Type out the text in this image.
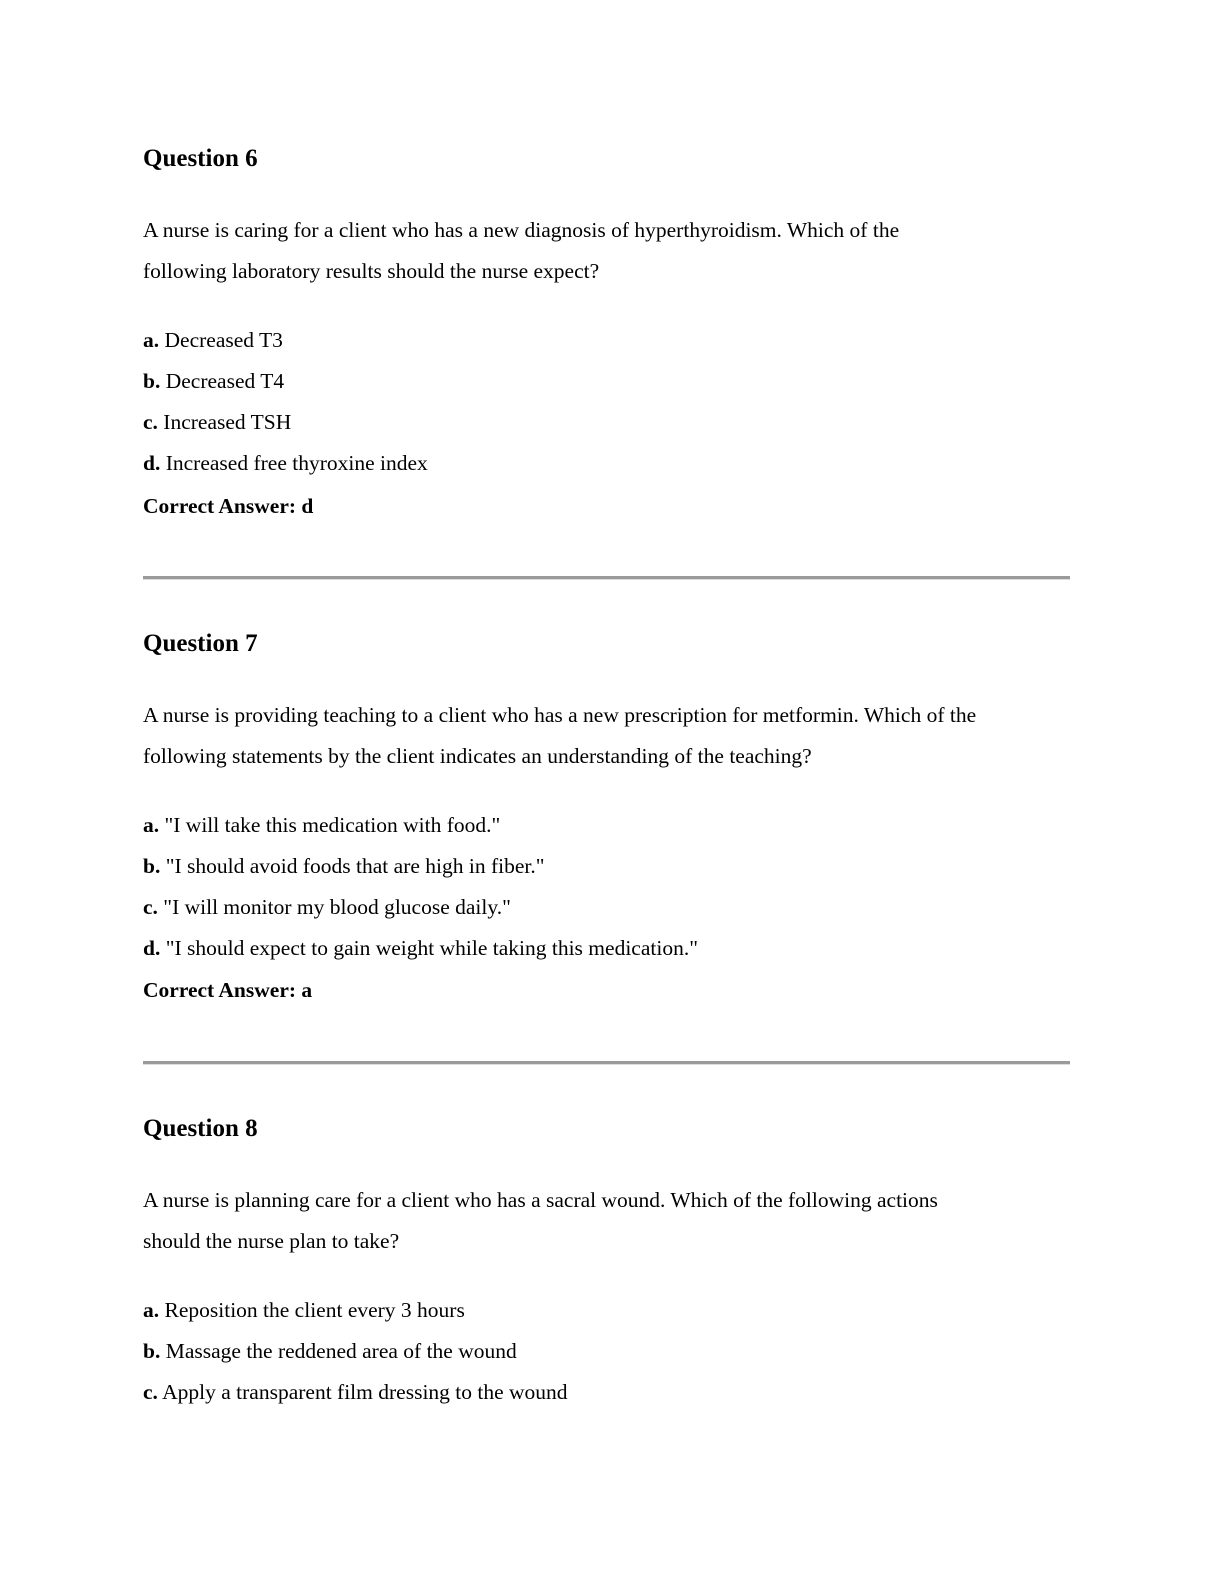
Question 6
A nurse is caring for a client who has a new diagnosis of hyperthyroidism. Which of the
following laboratory results should the nurse expect?
a. Decreased T3
b. Decreased T4
c. Increased TSH
d. Increased free thyroxine index
Correct Answer: d
Question 7
A nurse is providing teaching to a client who has a new prescription for metformin. Which of the
following statements by the client indicates an understanding of the teaching?
a. "I will take this medication with food."
b. "I should avoid foods that are high in fiber."
c. "I will monitor my blood glucose daily."
d. "I should expect to gain weight while taking this medication."
Correct Answer: a
Question 8
A nurse is planning care for a client who has a sacral wound. Which of the following actions
should the nurse plan to take?
a. Reposition the client every 3 hours
b. Massage the reddened area of the wound
c. Apply a transparent film dressing to the wound
